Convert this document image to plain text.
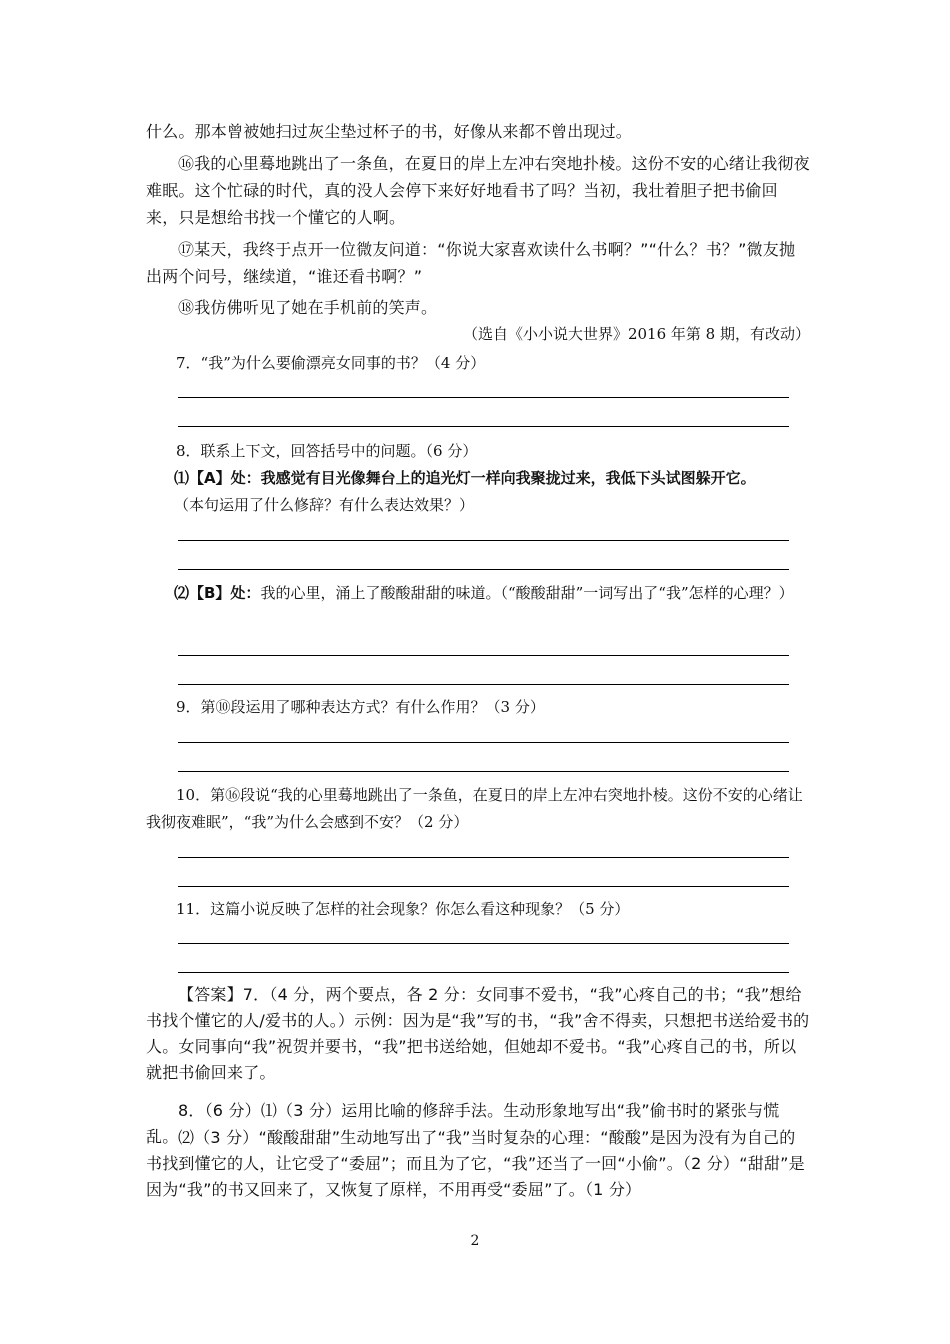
什么。那本曾被她扫过灰尘垫过杯子的书，好像从来都不曾出现过。

⑯我的心里蓦地跳出了一条鱼，在夏日的岸上左冲右突地扑棱。这份不安的心绪让我彻夜难眠。这个忙碌的时代，真的没人会停下来好好地看书了吗？当初，我壮着胆子把书偷回来，只是想给书找一个懂它的人啊。

⑰某天，我终于点开一位微友问道：“你说大家喜欢读什么书啊？”“什么？书？”微友抛出两个问号，继续道，“谁还看书啊？”

⑱我仿佛听见了她在手机前的笑声。

（选自《小小说大世界》2016 年第 8 期，有改动）

7．“我”为什么要偷漂亮女同事的书？（4 分）

8．联系上下文，回答括号中的问题。（6 分）

⑴【A】处：我感觉有目光像舞台上的追光灯一样向我聚拢过来，我低下头试图躲开它。
（本句运用了什么修辞？有什么表达效果？）

⑵【B】处：我的心里，涌上了酸酸甜甜的味道。（“酸酸甜甜”一词写出了“我”怎样的心理？）

9．第⑩段运用了哪种表达方式？有什么作用？（3 分）

10．第⑯段说“我的心里蓦地跳出了一条鱼，在夏日的岸上左冲右突地扑棱。这份不安的心绪让我彻夜难眠”，“我”为什么会感到不安？（2 分）

11．这篇小说反映了怎样的社会现象？你怎么看这种现象？（5 分）

【答案】7．（4 分，两个要点，各 2 分：女同事不爱书，“我”心疼自己的书；“我”想给书找个懂它的人/爱书的人。）示例：因为是“我”写的书，“我”舍不得卖，只想把书送给爱书的人。女同事向“我”祝贺并要书，“我”把书送给她，但她却不爱书。“我”心疼自己的书，所以就把书偷回来了。

8．（6 分）⑴（3 分）运用比喻的修辞手法。生动形象地写出“我”偷书时的紧张与慌乱。 ⑵（3 分）“酸酸甜甜”生动地写出了“我”当时复杂的心理：“酸酸”是因为没有为自己的书找到懂它的人，让它受了“委屈”；而且为了它，“我”还当了一回“小偷”。（2 分）“甜甜”是因为“我”的书又回来了，又恢复了原样，不用再受“委屈”了。（1 分）

2
